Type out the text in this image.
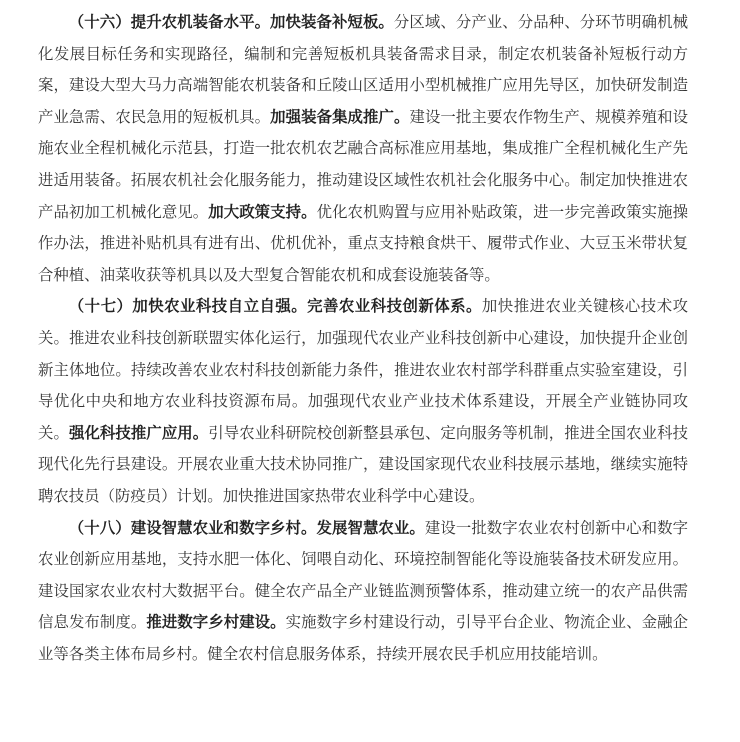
（十六）提升农机装备水平。加快装备补短板。分区域、分产业、分品种、分环节明确机械化发展目标任务和实现路径，编制和完善短板机具装备需求目录，制定农机装备补短板行动方案，建设大型大马力高端智能农机装备和丘陵山区适用小型机械推广应用先导区，加快研发制造产业急需、农民急用的短板机具。加强装备集成推广。建设一批主要农作物生产、规模养殖和设施农业全程机械化示范县，打造一批农机农艺融合高标准应用基地，集成推广全程机械化生产先进适用装备。拓展农机社会化服务能力，推动建设区域性农机社会化服务中心。制定加快推进农产品初加工机械化意见。加大政策支持。优化农机购置与应用补贴政策，进一步完善政策实施操作办法，推进补贴机具有进有出、优机优补，重点支持粮食烘干、履带式作业、大豆玉米带状复合种植、油菜收获等机具以及大型复合智能农机和成套设施装备等。

（十七）加快农业科技自立自强。完善农业科技创新体系。加快推进农业关键核心技术攻关。推进农业科技创新联盟实体化运行，加强现代农业产业科技创新中心建设，加快提升企业创新主体地位。持续改善农业农村科技创新能力条件，推进农业农村部学科群重点实验室建设，引导优化中央和地方农业科技资源布局。加强现代农业产业技术体系建设，开展全产业链协同攻关。强化科技推广应用。引导农业科研院校创新整县承包、定向服务等机制，推进全国农业科技现代化先行县建设。开展农业重大技术协同推广，建设国家现代农业科技展示基地，继续实施特聘农技员（防疫员）计划。加快推进国家热带农业科学中心建设。

（十八）建设智慧农业和数字乡村。发展智慧农业。建设一批数字农业农村创新中心和数字农业创新应用基地，支持水肥一体化、饲喂自动化、环境控制智能化等设施装备技术研发应用。建设国家农业农村大数据平台。健全农产品全产业链监测预警体系，推动建立统一的农产品供需信息发布制度。推进数字乡村建设。实施数字乡村建设行动，引导平台企业、物流企业、金融企业等各类主体布局乡村。健全农村信息服务体系，持续开展农民手机应用技能培训。
